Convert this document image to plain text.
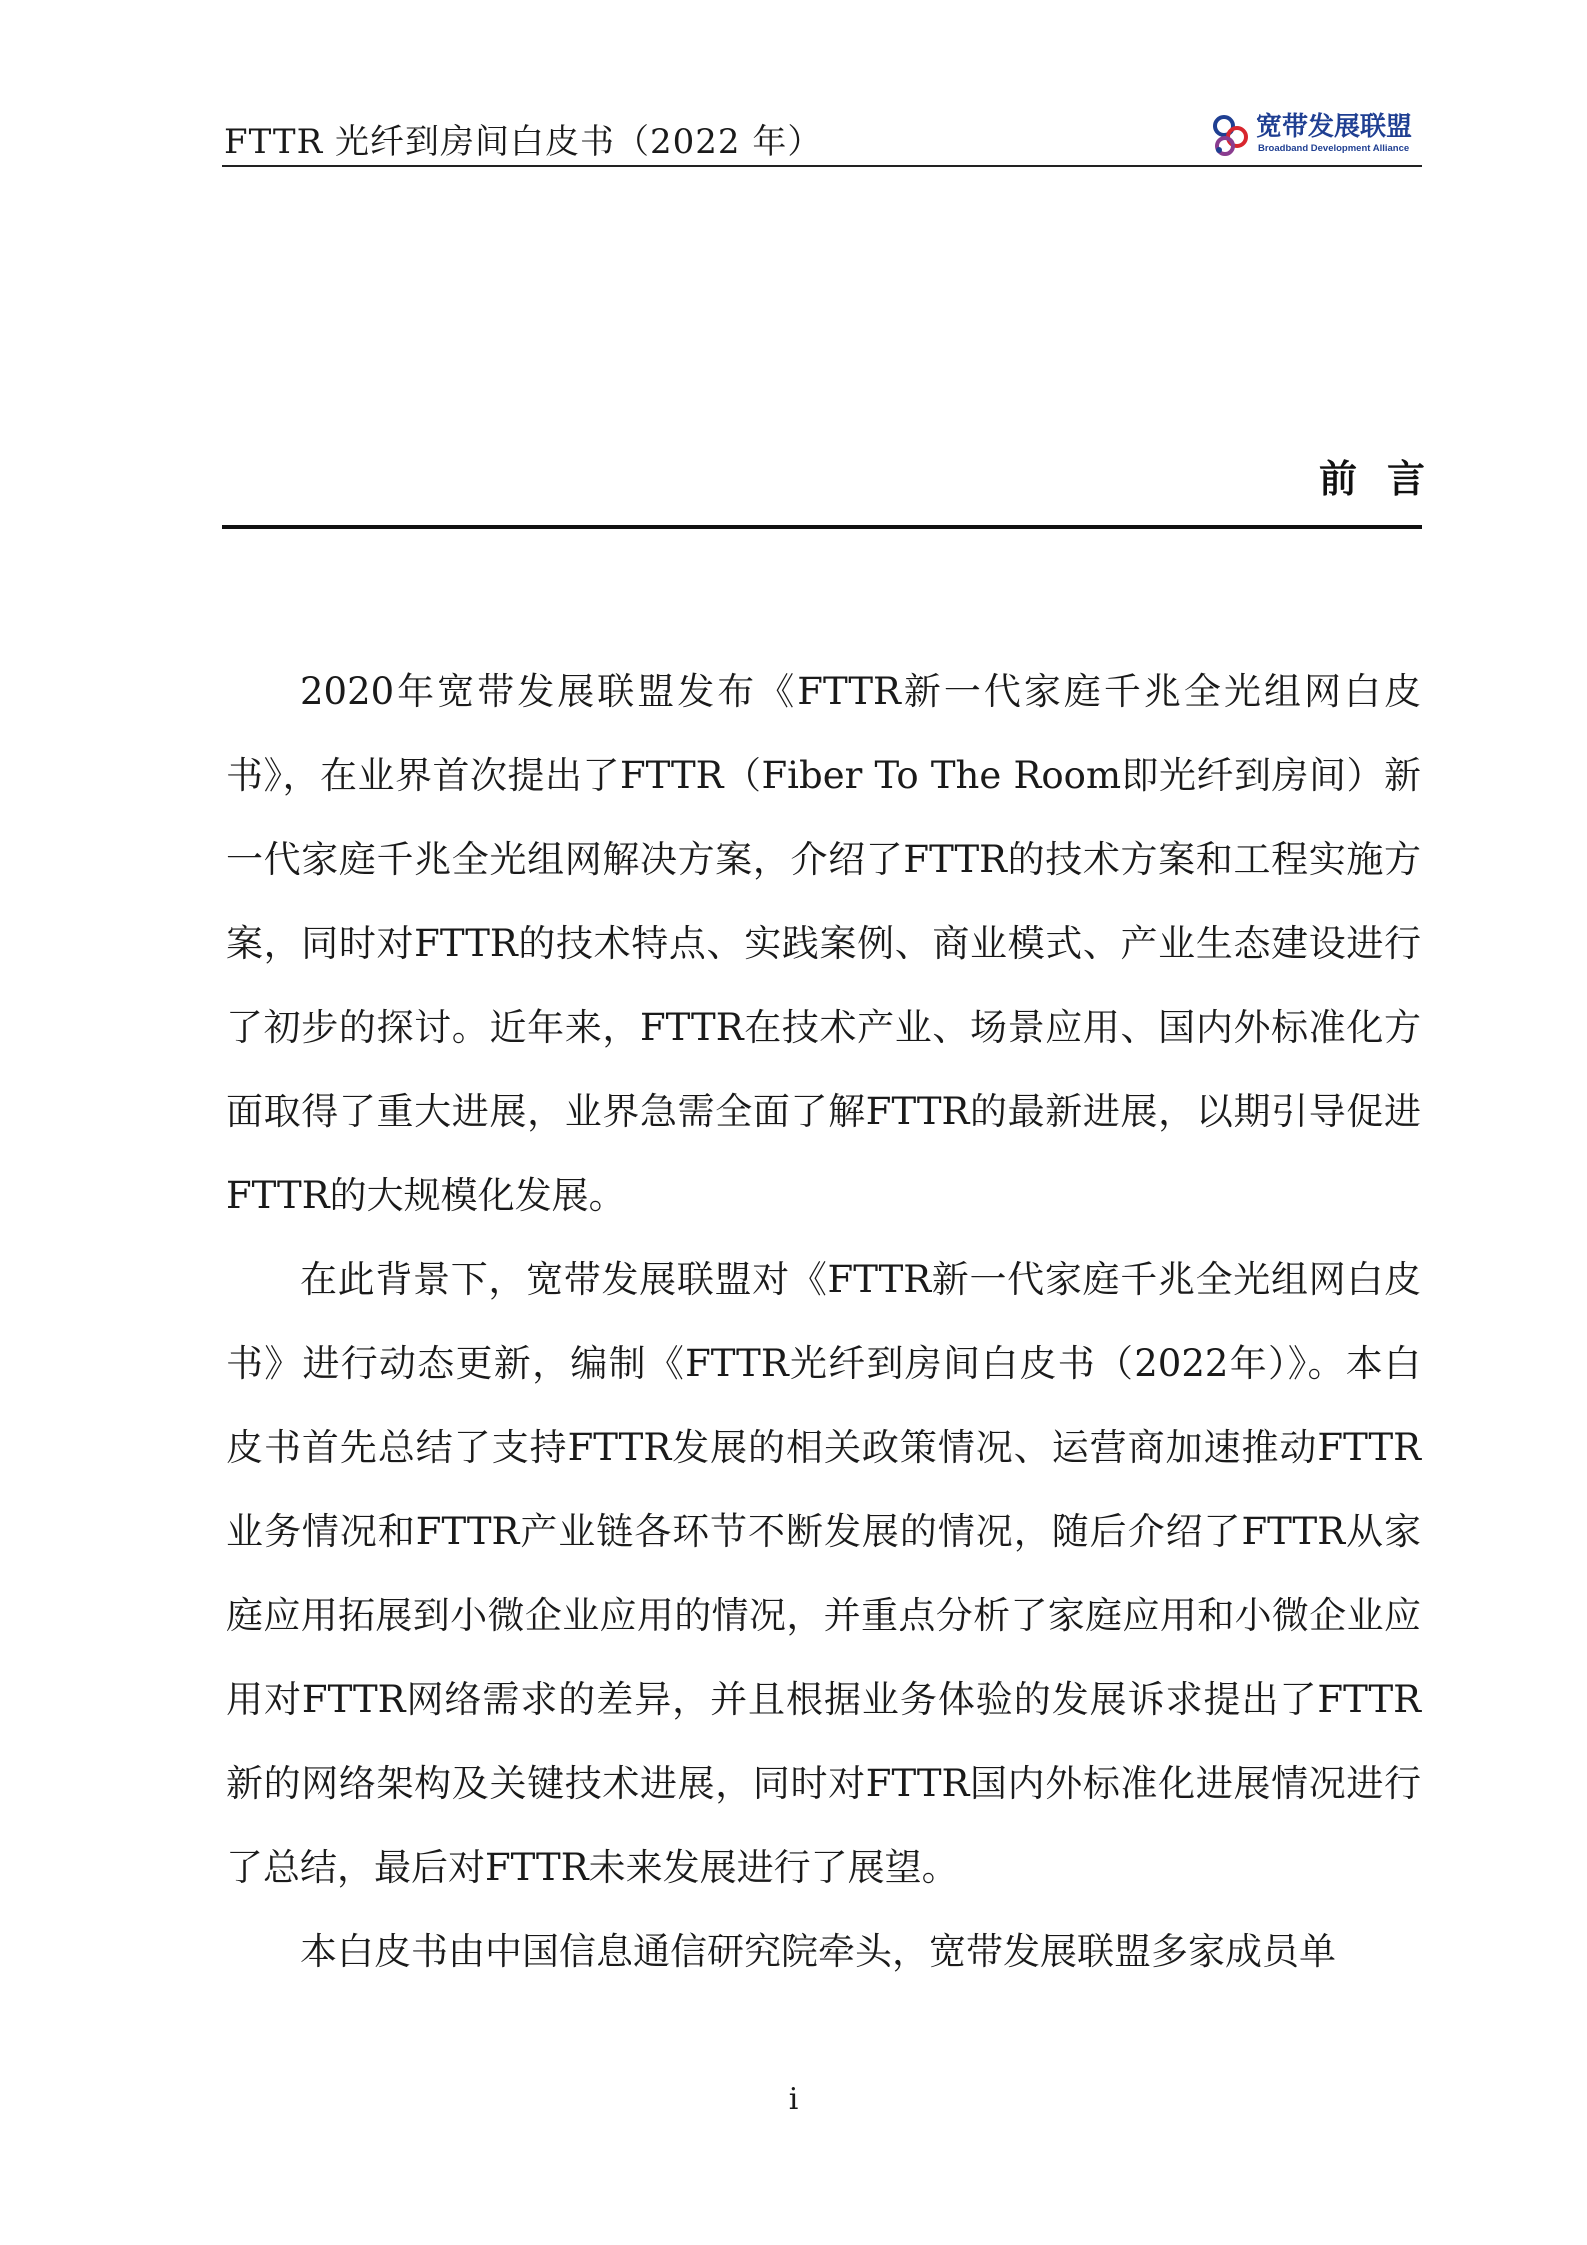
FTTR 光纤到房间白皮书（2022 年）	宽带发展联盟
Broadband Development Alliance
前言

2020年宽带发展联盟发布《FTTR新一代家庭千兆全光组网白皮书》，在业界首次提出了FTTR（Fiber To The Room即光纤到房间）新一代家庭千兆全光组网解决方案，介绍了FTTR的技术方案和工程实施方案，同时对FTTR的技术特点、实践案例、商业模式、产业生态建设进行了初步的探讨。近年来，FTTR在技术产业、场景应用、国内外标准化方面取得了重大进展，业界急需全面了解FTTR的最新进展，以期引导促进FTTR的大规模化发展。

在此背景下，宽带发展联盟对《FTTR新一代家庭千兆全光组网白皮书》进行动态更新，编制《FTTR光纤到房间白皮书（2022年）》。本白皮书首先总结了支持FTTR发展的相关政策情况、运营商加速推动FTTR业务情况和FTTR产业链各环节不断发展的情况，随后介绍了FTTR从家庭应用拓展到小微企业应用的情况，并重点分析了家庭应用和小微企业应用对FTTR网络需求的差异，并且根据业务体验的发展诉求提出了FTTR新的网络架构及关键技术进展，同时对FTTR国内外标准化进展情况进行了总结，最后对FTTR未来发展进行了展望。

本白皮书由中国信息通信研究院牵头，宽带发展联盟多家成员单

i
